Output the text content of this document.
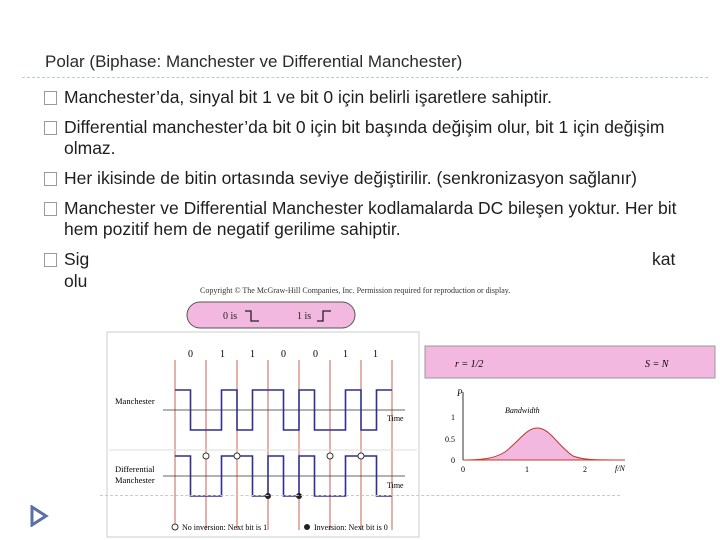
Polar (Biphase: Manchester ve Differential Manchester)
Manchester’da, sinyal bit 1 ve bit 0 için belirli işaretlere sahiptir.
Differential manchester’da bit 0 için bit başında değişim olur, bit 1 için değişim olmaz.
Her ikisinde de bitin ortasında seviye değiştirilir. (senkronizasyon sağlanır)
Manchester ve Differential Manchester kodlamalarda DC bileşen yoktur. Her bit hem pozitif hem de negatif gerilime sahiptir.
Sig	kat
olu	Copyright © The McGraw-Hill Companies, Inc. Permission required for reproduction or display.
0 is	1 is
0	1	1	0	0	1	1
Manchester
Time
Differential
Manchester
Time
No inversion: Next bit is 1	Inversion: Next bit is 0
r = 1/2	S = N
P
1
0.5
0
0	1	2	f/N
Bandwidth
